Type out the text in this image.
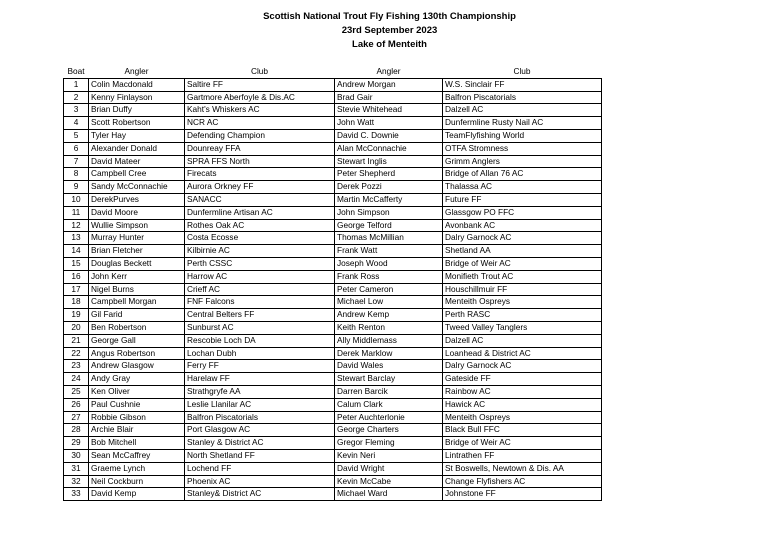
Scottish National Trout Fly Fishing 130th Championship
23rd September 2023
Lake of Menteith
Boat	Angler	Club	Angler	Club
1	Colin Macdonald	Saltire FF	Andrew Morgan	W.S. Sinclair FF
2	Kenny Finlayson	Gartmore Aberfoyle & Dis.AC	Brad Gair	Balfron Piscatorials
3	Brian Duffy	Kaht's Whiskers AC	Stevie Whitehead	Dalzell AC
4	Scott Robertson	NCR AC	John Watt	Dunfermline Rusty Nail AC
5	Tyler Hay	Defending Champion	David C. Downie	TeamFlyfishing World
6	Alexander Donald	Dounreay FFA	Alan McConnachie	OTFA Stromness
7	David Mateer	SPRA FFS North	Stewart Inglis	Grimm Anglers
8	Campbell Cree	Firecats	Peter Shepherd	Bridge of Allan 76 AC
9	Sandy McConnachie	Aurora Orkney FF	Derek Pozzi	Thalassa AC
10	DerekPurves	SANACC	Martin McCafferty	Future FF
11	David Moore	Dunfermline Artisan AC	John Simpson	Glassgow PO FFC
12	Wullie Simpson	Rothes Oak AC	George Telford	Avonbank AC
13	Murray Hunter	Costa Ecosse	Thomas McMillian	Dalry Garnock AC
14	Brian Fletcher	Kilbirnie AC	Frank Watt	Shetland AA
15	Douglas Beckett	Perth CSSC	Joseph Wood	Bridge of Weir AC
16	John Kerr	Harrow AC	Frank Ross	Monifieth Trout AC
17	Nigel Burns	Crieff AC	Peter Cameron	Houschillmuir FF
18	Campbell Morgan	FNF Falcons	Michael Low	Menteith Ospreys
19	Gil Farid	Central Belters FF	Andrew Kemp	Perth RASC
20	Ben Robertson	Sunburst AC	Keith Renton	Tweed Valley Tanglers
21	George Gall	Rescobie Loch DA	Ally Middlemass	Dalzell AC
22	Angus Robertson	Lochan Dubh	Derek Marklow	Loanhead & District AC
23	Andrew Glasgow	Ferry FF	David Wales	Dalry Garnock AC
24	Andy Gray	Harelaw FF	Stewart Barclay	Gateside FF
25	Ken Oliver	Strathgryfe AA	Darren Barcik	Rainbow AC
26	Paul Cushnie	Leslie Llanilar AC	Calum Clark	Hawick AC
27	Robbie Gibson	Balfron Piscatorials	Peter Auchterlonie	Menteith Ospreys
28	Archie Blair	Port Glasgow AC	George Charters	Black Bull FFC
29	Bob Mitchell	Stanley & District AC	Gregor Fleming	Bridge of Weir AC
30	Sean McCaffrey	North Shetland FF	Kevin Neri	Lintrathen FF
31	Graeme Lynch	Lochend FF	David Wright	St Boswells, Newtown & Dis. AA
32	Neil Cockburn	Phoenix AC	Kevin McCabe	Change Flyfishers AC
33	David Kemp	Stanley& District AC	Michael Ward	Johnstone FF
